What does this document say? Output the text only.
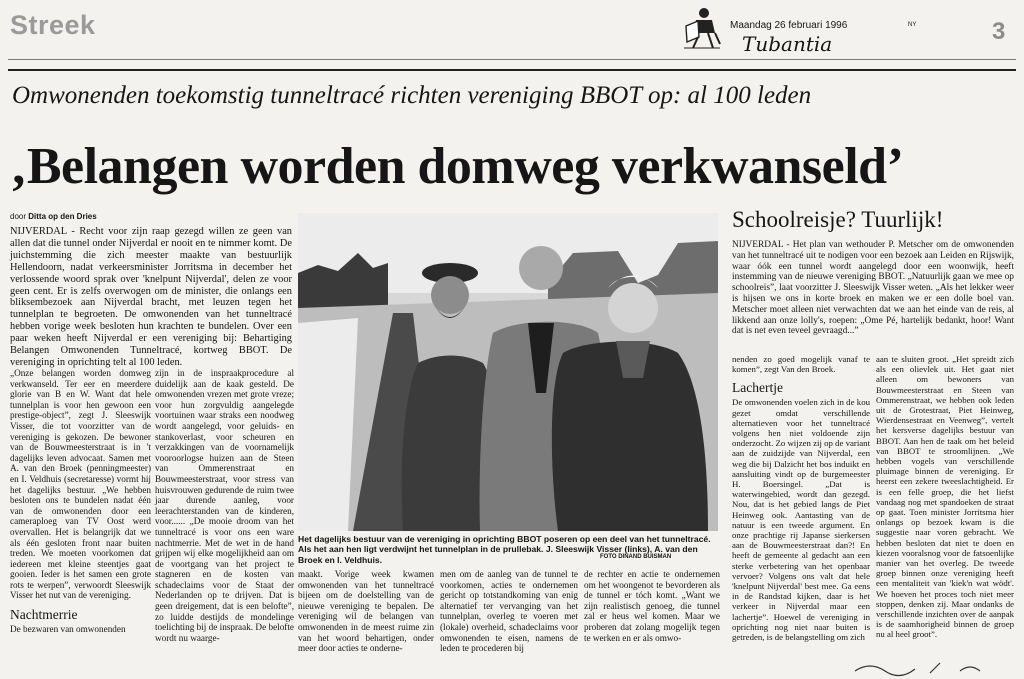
Streek	Maandag 26 februari 1996	NY
Tubantia	3
Omwonenden toekomstig tunneltracé richten vereniging BBOT op: al 100 leden
‚Belangen worden domweg verkwanseld’
door Ditta op den Dries

NIJVERDAL - Recht voor zijn raap gezegd willen ze geen van allen dat die tunnel onder Nijverdal er nooit en te nimmer komt. De juichstemming die zich meester maakte van bestuurlijk Hellendoorn, nadat verkeersminister Jorritsma in december het verlossende woord sprak over 'knelpunt Nijverdal', delen ze voor geen cent. Er is zelfs overwogen om de minister, die onlangs een bliksembezoek aan Nijverdal bracht, met leuzen tegen het tunnelplan te begroeten. De omwonenden van het tunneltracé hebben vorige week besloten hun krachten te bundelen. Over een paar weken heeft Nijverdal er een vereniging bij: Behartiging Belangen Omwonenden Tunneltracé, kortweg BBOT. De vereniging in oprichting telt al 100 leden.

„Onze belangen worden domweg verkwanseld. Ter eer en meerdere glorie van B en W. Want dat hele tunnelplan is voor hen gewoon een prestige-object”, zegt J. Sleeswijk Visser, die tot voorzitter van de vereniging is gekozen. De bewoner van de Bouwmeesterstraat is in 't dagelijks leven advocaat. Samen met A. van den Broek (penningmeester) en I. Veldhuis (secretaresse) vormt hij het dagelijks bestuur. „We hebben besloten ons te bundelen nadat één van de omwonenden door een cameraploeg van TV Oost werd overvallen. Het is belangrijk dat we als één gesloten front naar buiten treden. We moeten voorkomen dat iedereen met kleine steentjes gaat gooien. Ieder is het samen een grote rots te werpen”, verwoordt Sleeswijk Visser het nut van de vereniging.

Nachtmerrie

De bezwaren van omwonenden

zijn in de inspraakprocedure al duidelijk aan de kaak gesteld. De omwonenden vrezen met grote vreze; voor hun zorgvuldig aangelegde voortuinen waar straks een noodweg wordt aangelegd, voor geluids- en stankoverlast, voor scheuren en verzakkingen van de voornamelijk vooroorlogse huizen aan de Steen van Ommerenstraat en Bouwmeesterstraat, voor stress van huisvrouwen gedurende de ruim twee jaar durende aanleg, voor leerachterstanden van de kinderen, voor...... „De mooie droom van het tunneltracé is voor ons een ware nachtmerrie. Met de wet in de hand grijpen wij elke mogelijkheid aan om de voortgang van het project te stagneren en de kosten van schadeclaims voor de Staat der Nederlanden op te drijven. Dat is geen dreigement, dat is een belofte”, zo luidde destijds de mondelinge toelichting bij de inspraak. De belofte wordt nu waarge-

Het dagelijks bestuur van de vereniging in oprichting BBOT poseren op een deel van het tunneltracé. Als het aan hen ligt verdwijnt het tunnelplan in de prullebak. J. Sleeswijk Visser (links), A. van den Broek en I. Veldhuis.	FOTO DINAND BUISMAN

maakt. Vorige week kwamen omwonenden van het tunneltracé bijeen om de doelstelling van de nieuwe vereniging te bepalen. De vereniging wil de belangen van omwonenden in de meest ruime zin van het woord behartigen, onder meer door acties te onderne-

men om de aanleg van de tunnel te voorkomen, acties te ondernemen gericht op totstandkoming van enig alternatief ter vervanging van het tunnelplan, overleg te voeren met (lokale) overheid, schadeclaims voor omwonenden te eisen, namens de leden te procederen bij

de rechter en actie te ondernemen om het woongenot te bevorderen als de tunnel er tóch komt. „Want we zijn realistisch genoeg, die tunnel zal er heus wel komen. Maar we proberen dat zolang mogelijk tegen te werken en er als omwo-

Schoolreisje? Tuurlijk!

NIJVERDAL - Het plan van wethouder P. Metscher om de omwonenden van het tunneltracé uit te nodigen voor een bezoek aan Leiden en Rijswijk, waar óók een tunnel wordt aangelegd door een woonwijk, heeft instemming van de nieuwe vereniging BBOT. „Natuurlijk gaan we mee op schoolreis”, laat voorzitter J. Sleeswijk Visser weten. „Als het lekker weer is hijsen we ons in korte broek en maken we er een dolle boel van. Metscher moet alleen niet verwachten dat we aan het einde van de reis, al likkend aan onze lolly's, roepen: „Ome Pé, hartelijk bedankt, hoor! Want dat is net even teveel gevraagd...”

nenden zo goed mogelijk vanaf te komen”, zegt Van den Broek.

Lachertje

De omwonenden voelen zich in de kou gezet omdat verschillende alternatieven voor het tunneltracé volgens hen niet voldoende zijn onderzocht. Zo wijzen zij op de variant aan de zuidzijde van Nijverdal, een weg die bij Dalzicht het bos induikt en aansluiting vindt op de burgemeester H. Boersingel. „Dat is waterwingebied, wordt dan gezegd. Nou, dat is het gebied langs de Piet Heinweg ook. Aantasting van de natuur is een tweede argument. En onze prachtige rij Japanse sierkersen aan de Bouwmeesterstraat dan?! En heeft de gemeente al gedacht aan een sterke verbetering van het openbaar vervoer? Volgens ons valt dat hele 'knelpunt Nijverdal' best mee. Ga eens in de Randstad kijken, daar is het verkeer in Nijverdal maar een lachertje”. Hoewel de vereniging in oprichting nog niet naar buiten is getreden, is de belangstelling om zich

aan te sluiten groot. „Het spreidt zich als een olievlek uit. Het gaat niet alleen om bewoners van Bouwmeesterstraat en Steen van Ommerenstraat, we hebben ook leden uit de Grotestraat, Piet Heinweg, Wierdensestraat en Veenweg”, vertelt het kersverse dagelijks bestuur van BBOT. Aan hen de taak om het beleid van BBOT te stroomlijnen. „We hebben vogels van verschillende pluimage binnen de vereniging. Er heerst een zekere tweeslachtigheid. Er is een felle groep, die het liefst vandaag nog met spandoeken de straat op gaat. Toen minister Jorritsma hier onlangs op bezoek kwam is die suggestie naar voren gebracht. We hebben besloten dat niet te doen en kiezen vooralsnog voor de fatsoenlijke manier van het overleg. De tweede groep binnen onze vereniging heeft een mentaliteit van 'kiek'n wat wödt'. We hoeven het proces toch niet meer stoppen, denken zij. Maar ondanks de verschillende inzichten over de aanpak is de saamhorigheid binnen de groep nu al heel groot”.
